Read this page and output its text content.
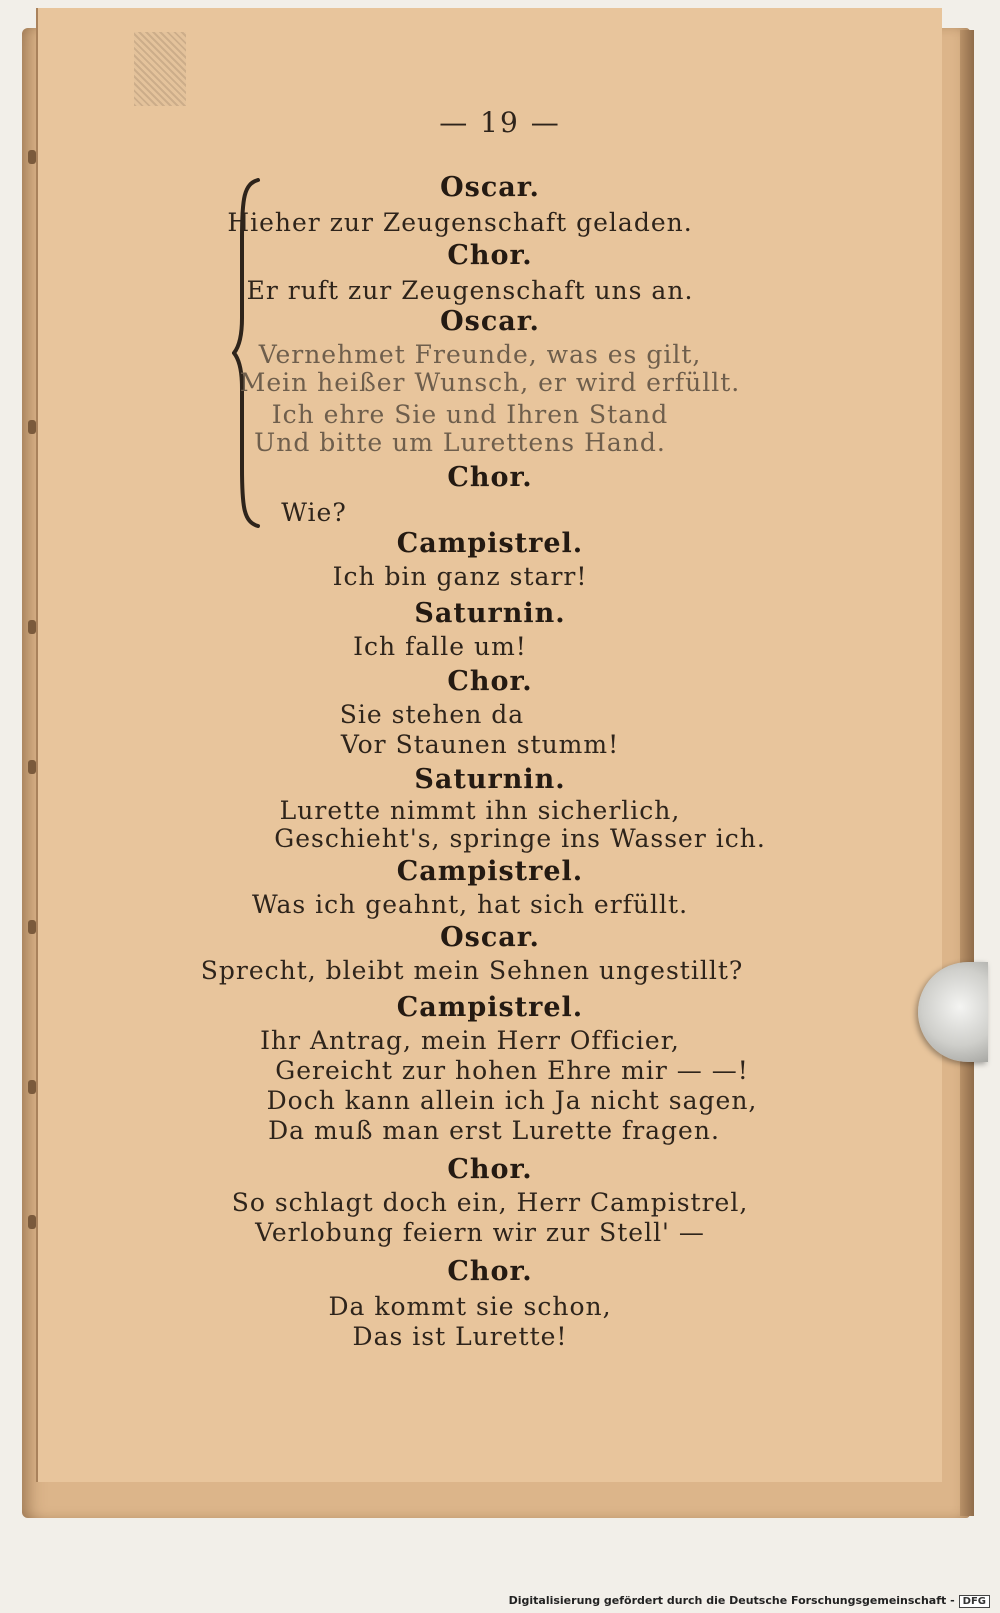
— 19 —
Oscar.
Hieher zur Zeugenschaft geladen.
Chor.
Er ruft zur Zeugenschaft uns an.
Oscar.
Vernehmet Freunde, was es gilt,
Mein heißer Wunsch, er wird erfüllt.
Ich ehre Sie und Ihren Stand
Und bitte um Lurettens Hand.
Chor.
Wie?
Campistrel.
Ich bin ganz starr!
Saturnin.
Ich falle um!
Chor.
Sie stehen da
Vor Staunen stumm!
Saturnin.
Lurette nimmt ihn sicherlich,
Geschieht's, springe ins Wasser ich.
Campistrel.
Was ich geahnt, hat sich erfüllt.
Oscar.
Sprecht, bleibt mein Sehnen ungestillt?
Campistrel.
Ihr Antrag, mein Herr Officier,
Gereicht zur hohen Ehre mir — —!
Doch kann allein ich Ja nicht sagen,
Da muß man erst Lurette fragen.
Chor.
So schlagt doch ein, Herr Campistrel,
Verlobung feiern wir zur Stell' —
Chor.
Da kommt sie schon,
Das ist Lurette!
Digitalisierung gefördert durch die Deutsche Forschungsgemeinschaft - DFG
